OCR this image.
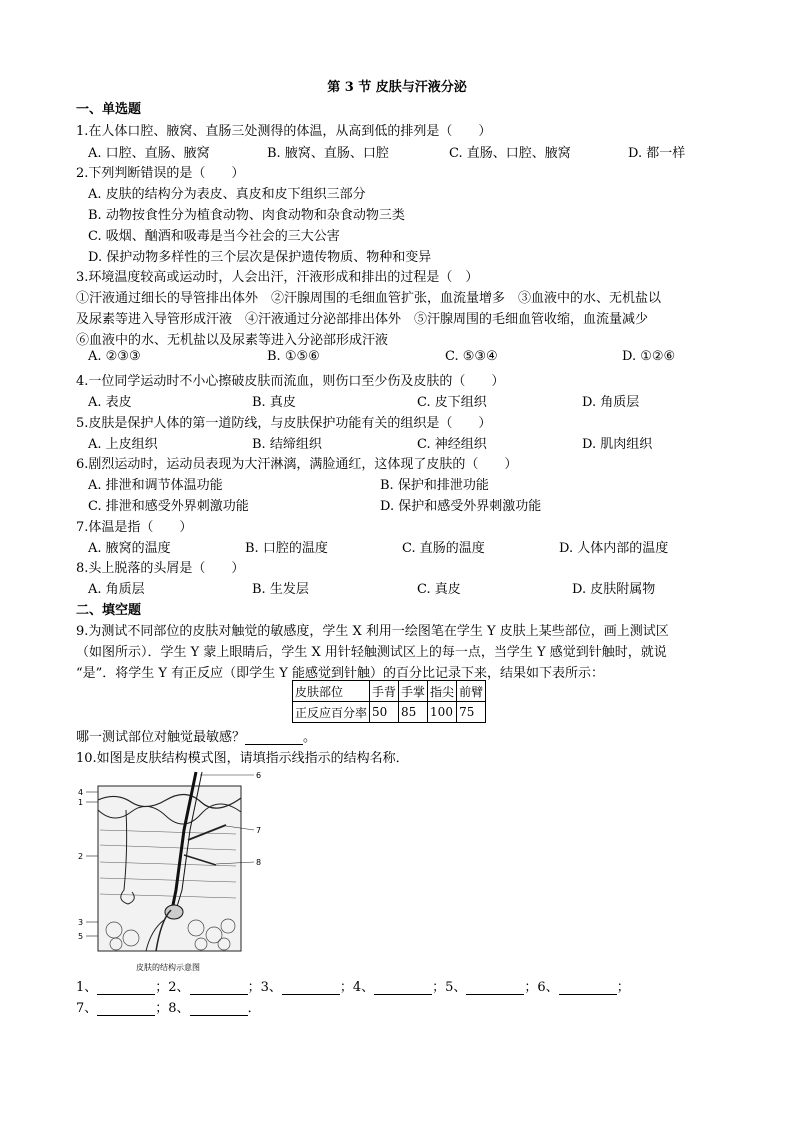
第 3 节 皮肤与汗液分泌
一、单选题
1.在人体口腔、腋窝、直肠三处测得的体温，从高到低的排列是（　　）
A. 口腔、直肠、腋窝	B. 腋窝、直肠、口腔	C. 直肠、口腔、腋窝	D. 都一样
2.下列判断错误的是（　　）
A. 皮肤的结构分为表皮、真皮和皮下组织三部分
B. 动物按食性分为植食动物、肉食动物和杂食动物三类
C. 吸烟、酗酒和吸毒是当今社会的三大公害
D. 保护动物多样性的三个层次是保护遗传物质、物种和变异
3.环境温度较高或运动时，人会出汗，汗液形成和排出的过程是（　）
①汗液通过细长的导管排出体外　②汗腺周围的毛细血管扩张，血流量增多　③血液中的水、无机盐以
及尿素等进入导管形成汗液　④汗液通过分泌部排出体外　⑤汗腺周围的毛细血管收缩，血流量减少
⑥血液中的水、无机盐以及尿素等进入分泌部形成汗液
A. ②③③	B. ①⑤⑥	C. ⑤③④	D. ①②⑥
4.一位同学运动时不小心擦破皮肤而流血，则伤口至少伤及皮肤的（　　）
A. 表皮	B. 真皮	C. 皮下组织	D. 角质层
5.皮肤是保护人体的第一道防线，与皮肤保护功能有关的组织是（　　）
A. 上皮组织	B. 结缔组织	C. 神经组织	D. 肌肉组织
6.剧烈运动时，运动员表现为大汗淋漓，满脸通红，这体现了皮肤的（　　）
A. 排泄和调节体温功能	B. 保护和排泄功能
C. 排泄和感受外界刺激功能	D. 保护和感受外界刺激功能
7.体温是指（　　）
A. 腋窝的温度	B. 口腔的温度	C. 直肠的温度	D. 人体内部的温度
8.头上脱落的头屑是（　　）
A. 角质层	B. 生发层	C. 真皮	D. 皮肤附属物
二、填空题
9.为测试不同部位的皮肤对触觉的敏感度，学生 X 利用一绘图笔在学生 Y 皮肤上某些部位，画上测试区
（如图所示）．学生 Y 蒙上眼睛后，学生 X 用针轻触测试区上的每一点，当学生 Y 感觉到针触时，就说
“是”．将学生 Y 有正反应（即学生 Y 能感觉到针触）的百分比记录下来，结果如下表所示：
皮肤部位	手背	手掌	指尖	前臂
正反应百分率	50	85	100	75
哪一测试部位对触觉最敏感？	。
10.如图是皮肤结构模式图，请填指示线指示的结构名称．
4
1
2
3
5
6
7
8
皮肤的结构示意图
1、	；2、	；3、	；4、	；5、	；6、	；
7、	；8、	．
